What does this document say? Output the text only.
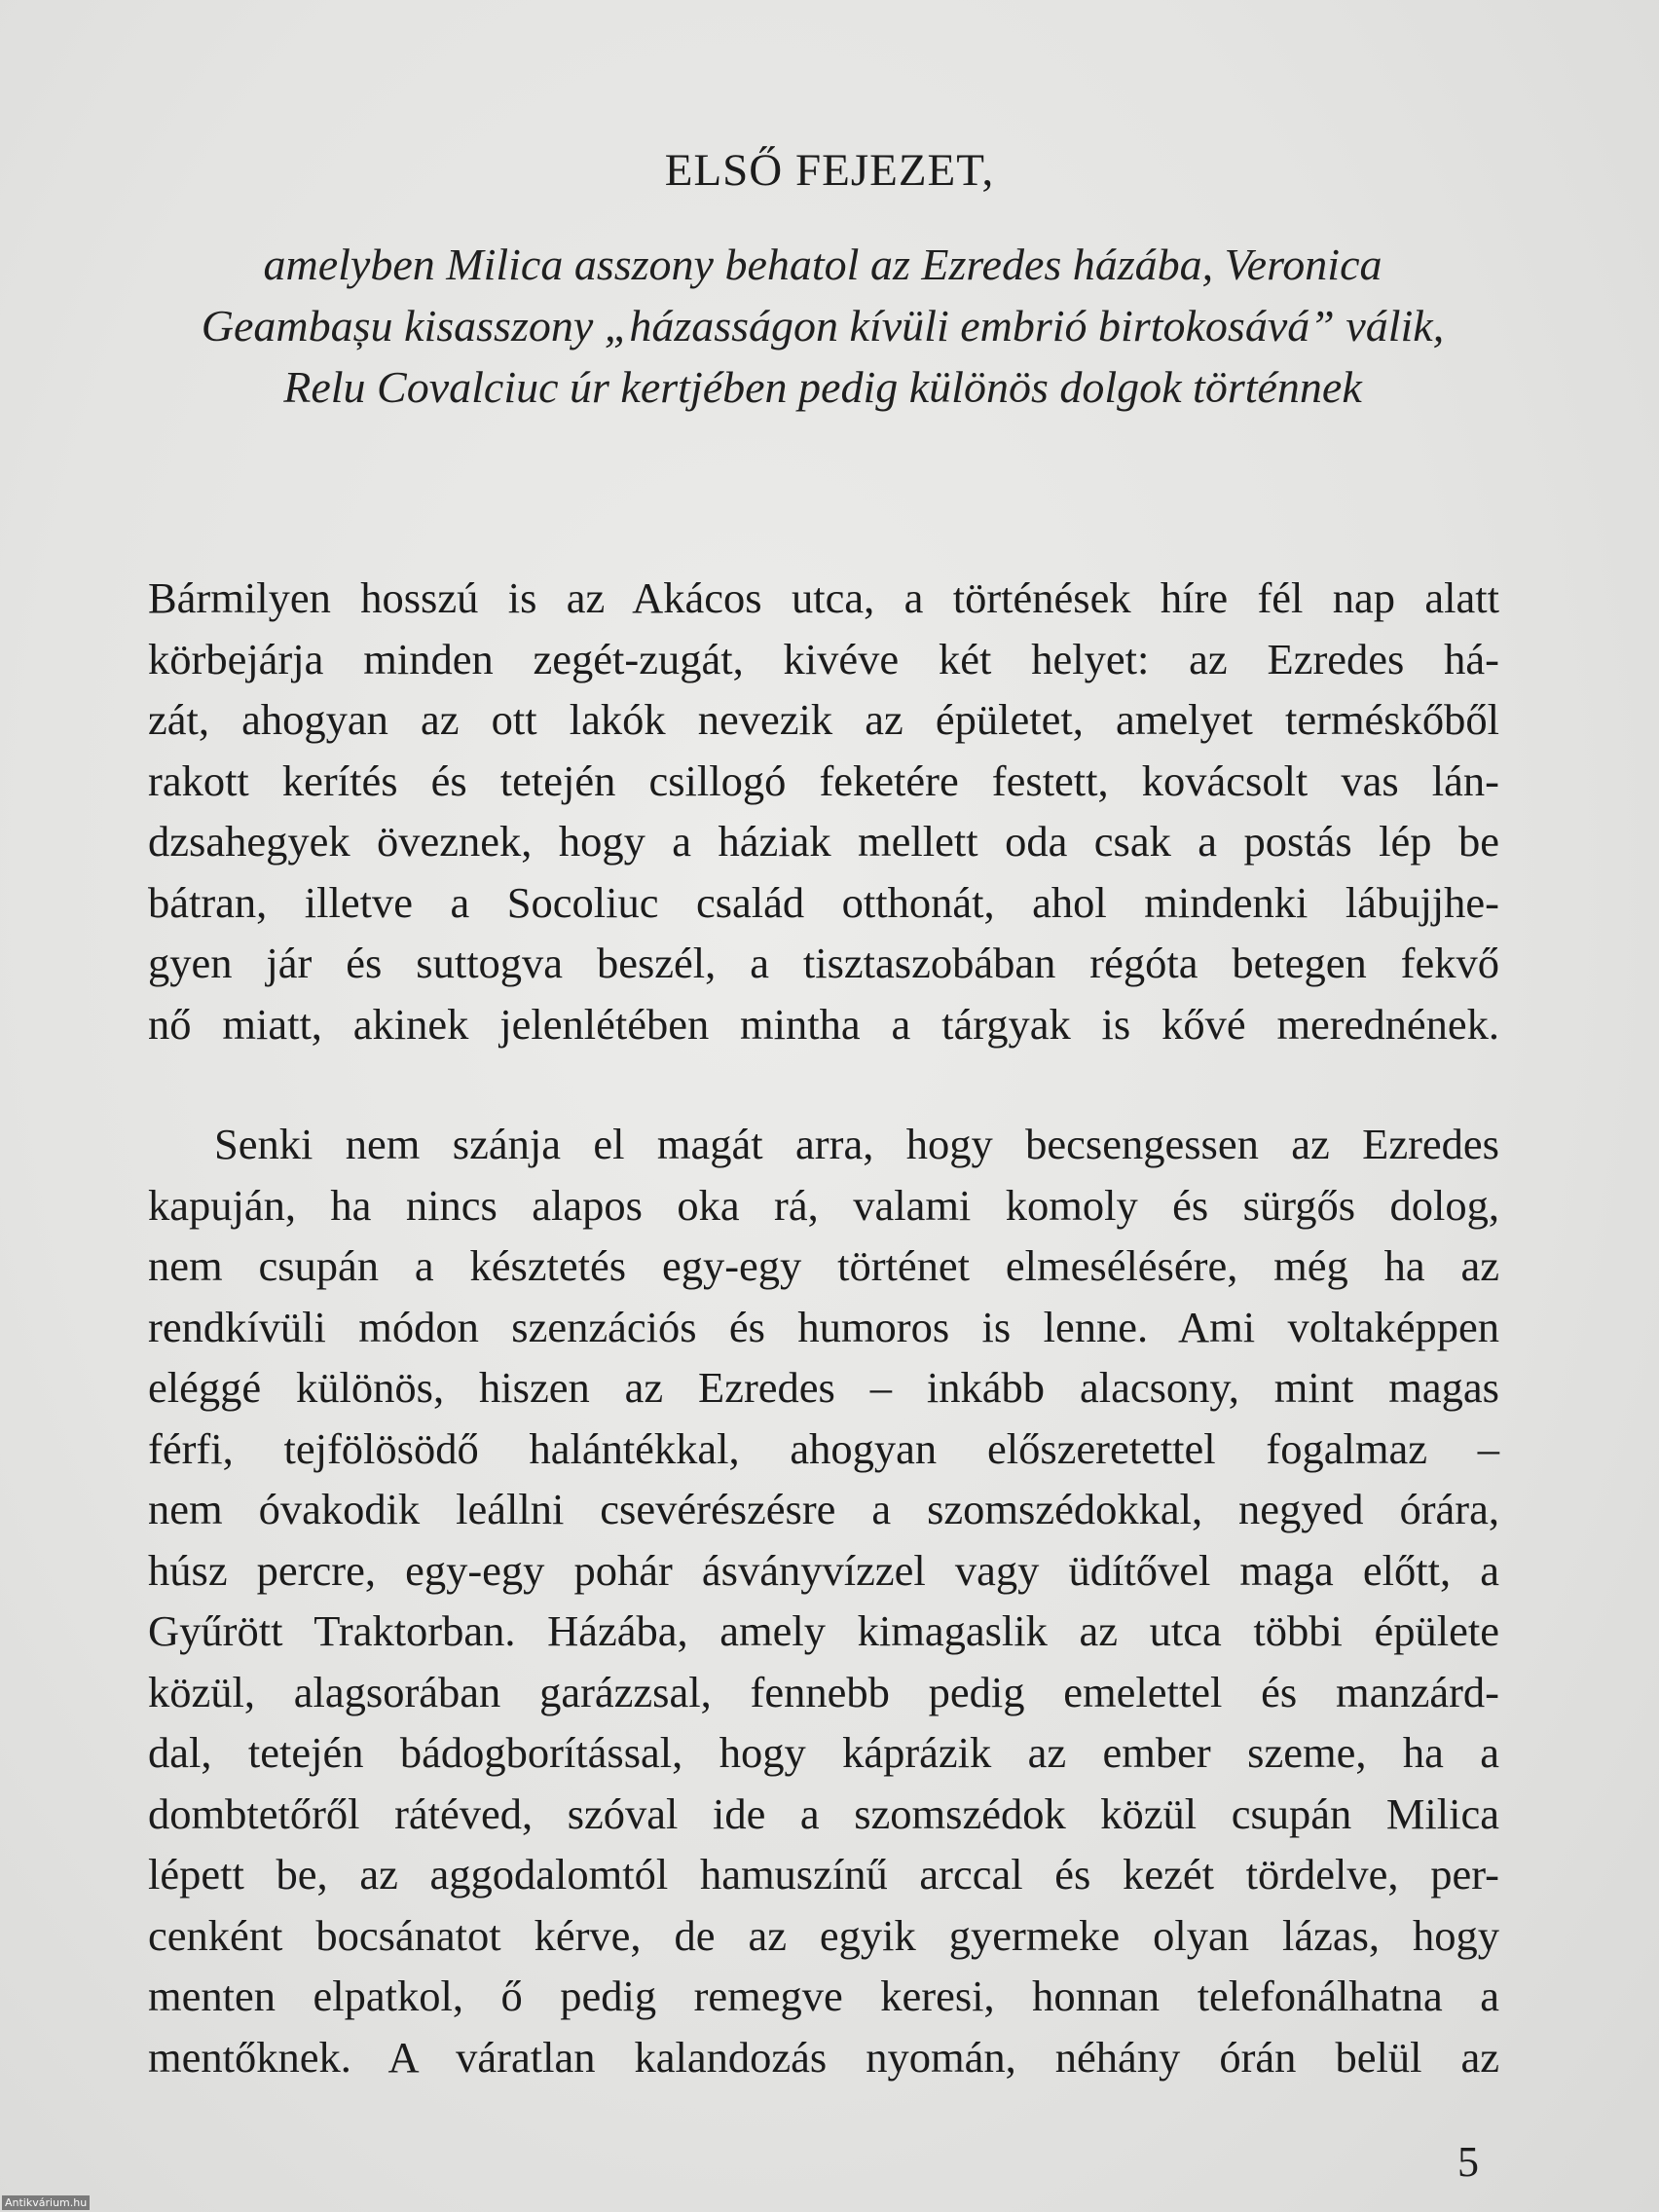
ELSŐ FEJEZET,
amelyben Milica asszony behatol az Ezredes házába, Veronica
Geambașu kisasszony „házasságon kívüli embrió birtokosává” válik,
Relu Covalciuc úr kertjében pedig különös dolgok történnek
Bármilyen hosszú is az Akácos utca, a történések híre fél nap alatt
körbejárja minden zegét-zugát, kivéve két helyet: az Ezredes há-
zát, ahogyan az ott lakók nevezik az épületet, amelyet terméskőből
rakott kerítés és tetején csillogó feketére festett, kovácsolt vas lán-
dzsahegyek öveznek, hogy a háziak mellett oda csak a postás lép be
bátran, illetve a Socoliuc család otthonát, ahol mindenki lábujjhe-
gyen jár és suttogva beszél, a tisztaszobában régóta betegen fekvő
nő miatt, akinek jelenlétében mintha a tárgyak is kővé merednének.
Senki nem szánja el magát arra, hogy becsengessen az Ezredes
kapuján, ha nincs alapos oka rá, valami komoly és sürgős dolog,
nem csupán a késztetés egy-egy történet elmesélésére, még ha az
rendkívüli módon szenzációs és humoros is lenne. Ami voltaképpen
eléggé különös, hiszen az Ezredes – inkább alacsony, mint magas
férfi, tejfölösödő halántékkal, ahogyan előszeretettel fogalmaz –
nem óvakodik leállni csevérészésre a szomszédokkal, negyed órára,
húsz percre, egy-egy pohár ásványvízzel vagy üdítővel maga előtt, a
Gyűrött Traktorban. Házába, amely kimagaslik az utca többi épülete
közül, alagsorában garázzsal, fennebb pedig emelettel és manzárd-
dal, tetején bádogborítással, hogy káprázik az ember szeme, ha a
dombtetőről rátéved, szóval ide a szomszédok közül csupán Milica
lépett be, az aggodalomtól hamuszínű arccal és kezét tördelve, per-
cenként bocsánatot kérve, de az egyik gyermeke olyan lázas, hogy
menten elpatkol, ő pedig remegve keresi, honnan telefonálhatna a
mentőknek. A váratlan kalandozás nyomán, néhány órán belül az
5
Antikvárium.hu
